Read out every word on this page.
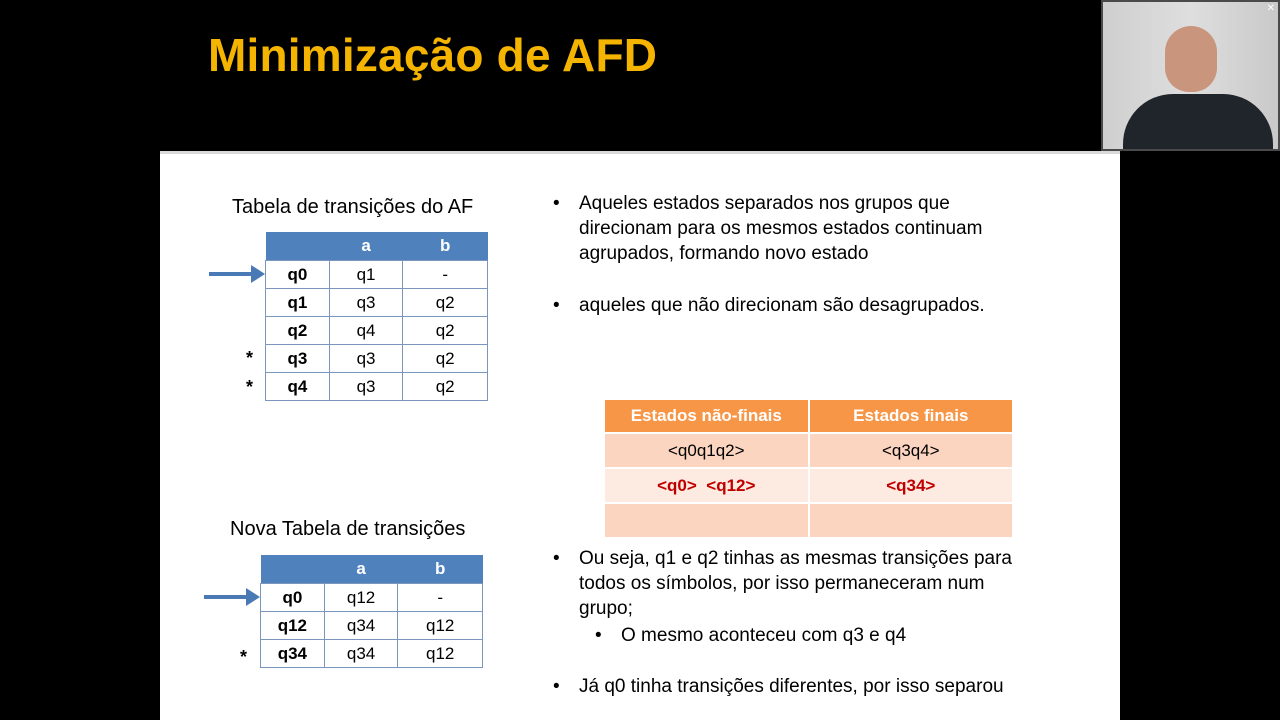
Minimização de AFD
✕
Tabela de transições do AF
	a	b
q0	q1	-
q1	q3	q2
q2	q4	q2
q3	q3	q2
q4	q3	q2
*
*
Nova Tabela de transições
	a	b
q0	q12	-
q12	q34	q12
q34	q34	q12
*
• Aqueles estados separados nos grupos que
direcionam para os mesmos estados continuam
agrupados, formando novo estado
• aqueles que não direcionam são desagrupados.
Estados não-finais	Estados finais
<q0q1q2>	<q3q4>
<q0>  <q12>	<q34>

• Ou seja, q1 e q2 tinhas as mesmas transições para
todos os símbolos, por isso permaneceram num
grupo;
• O mesmo aconteceu com q3 e q4
• Já q0 tinha transições diferentes, por isso separou
